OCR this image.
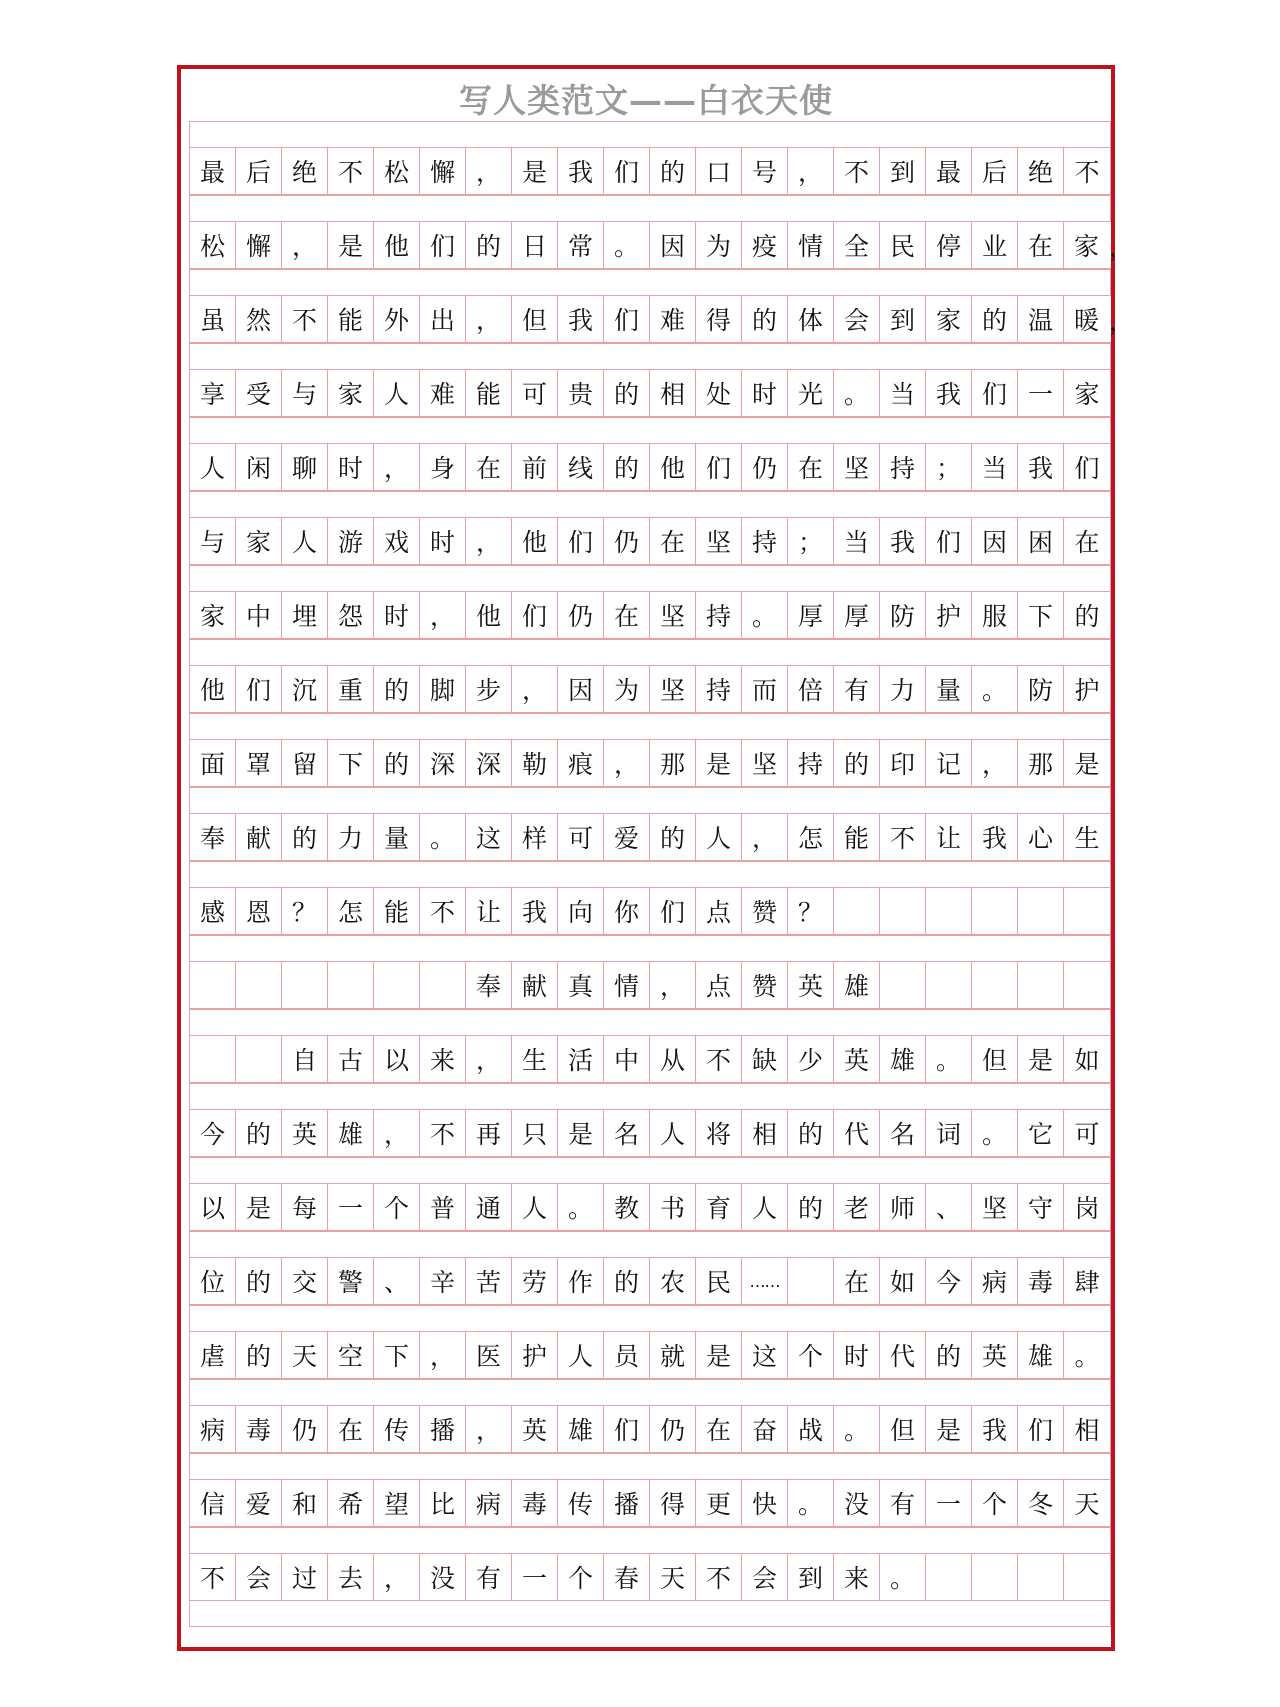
写人类范文——白衣天使
最 后 绝 不 松 懈 ， 是 我 们 的 口 号 ， 不 到 最 后 绝 不
松 懈 ， 是 他 们 的 日 常 。 因 为 疫 情 全 民 停 业 在 家 ，
虽 然 不 能 外 出 ， 但 我 们 难 得 的 体 会 到 家 的 温 暖 ，
享 受 与 家 人 难 能 可 贵 的 相 处 时 光 。 当 我 们 一 家
人 闲 聊 时 ， 身 在 前 线 的 他 们 仍 在 坚 持 ； 当 我 们
与 家 人 游 戏 时 ， 他 们 仍 在 坚 持 ； 当 我 们 因 困 在
家 中 埋 怨 时 ， 他 们 仍 在 坚 持 。 厚 厚 防 护 服 下 的
他 们 沉 重 的 脚 步 ， 因 为 坚 持 而 倍 有 力 量 。 防 护
面 罩 留 下 的 深 深 勒 痕 ， 那 是 坚 持 的 印 记 ， 那 是
奉 献 的 力 量 。 这 样 可 爱 的 人 ， 怎 能 不 让 我 心 生
感 恩 ？ 怎 能 不 让 我 向 你 们 点 赞 ？
奉 献 真 情 ， 点 赞 英 雄
自 古 以 来 ， 生 活 中 从 不 缺 少 英 雄 。 但 是 如
今 的 英 雄 ， 不 再 只 是 名 人 将 相 的 代 名 词 。 它 可
以 是 每 一 个 普 通 人 。 教 书 育 人 的 老 师 、 坚 守 岗
位 的 交 警 、 辛 苦 劳 作 的 农 民	……	在 如 今 病 毒 肆
虐 的 天 空 下 ， 医 护 人 员 就 是 这 个 时 代 的 英 雄 。
病 毒 仍 在 传 播 ， 英 雄 们 仍 在 奋 战 。 但 是 我 们 相
信 爱 和 希 望 比 病 毒 传 播 得 更 快 。 没 有 一 个 冬 天
不 会 过 去 ， 没 有 一 个 春 天 不 会 到 来 。
